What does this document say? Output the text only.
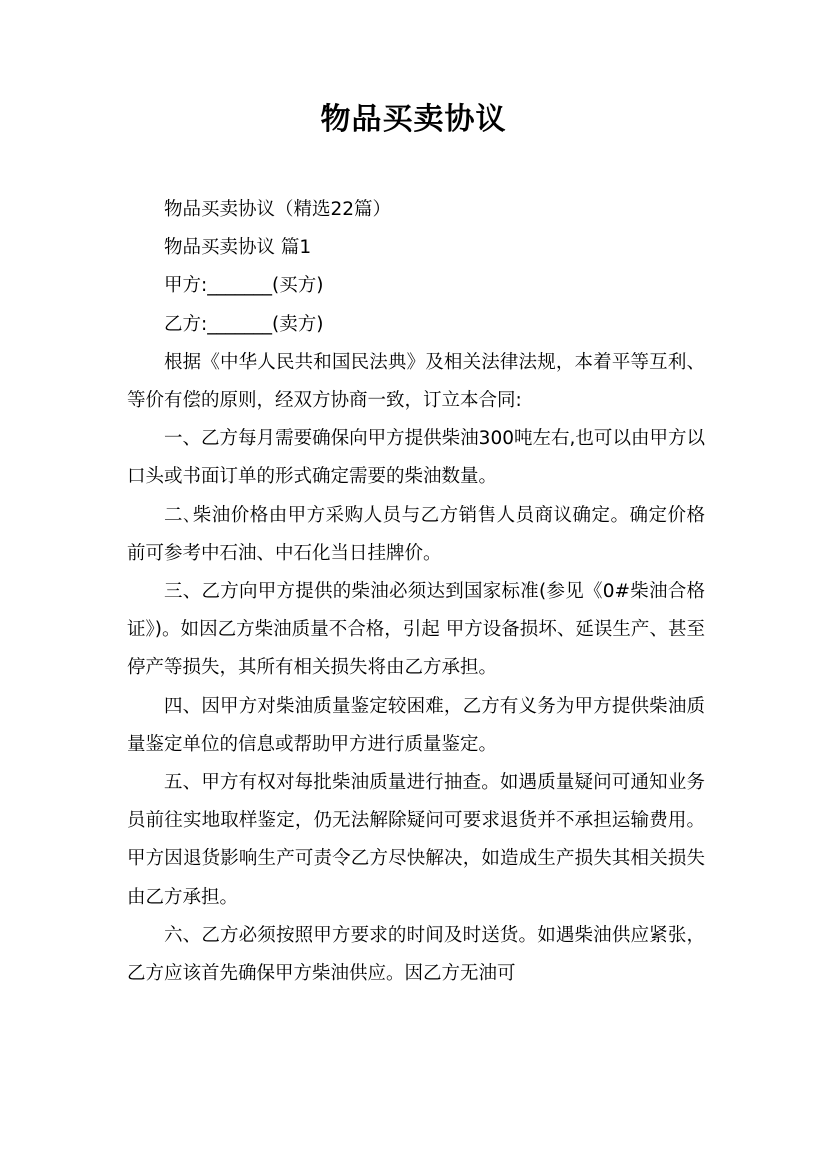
物品买卖协议

物品买卖协议（精选22篇）

物品买卖协议 篇1

甲方:_______(买方)

乙方:_______(卖方)

根据《中华人民共和国民法典》及相关法律法规，本着平等互利、等价有偿的原则，经双方协商一致，订立本合同:

一、乙方每月需要确保向甲方提供柴油300吨左右,也可以由甲方以口头或书面订单的形式确定需要的柴油数量。

二､柴油价格由甲方采购人员与乙方销售人员商议确定。确定价格前可参考中石油、中石化当日挂牌价。

三、乙方向甲方提供的柴油必须达到国家标准(参见《0#柴油合格证》)。如因乙方柴油质量不合格，引起 甲方设备损坏、延误生产、甚至停产等损失，其所有相关损失将由乙方承担。

四、因甲方对柴油质量鉴定较困难，乙方有义务为甲方提供柴油质量鉴定单位的信息或帮助甲方进行质量鉴定。

五、甲方有权对每批柴油质量进行抽查。如遇质量疑问可通知业务员前往实地取样鉴定，仍无法解除疑问可要求退货并不承担运输费用。甲方因退货影响生产可责令乙方尽快解决，如造成生产损失其相关损失由乙方承担。

六、乙方必须按照甲方要求的时间及时送货。如遇柴油供应紧张，乙方应该首先确保甲方柴油供应。因乙方无油可
